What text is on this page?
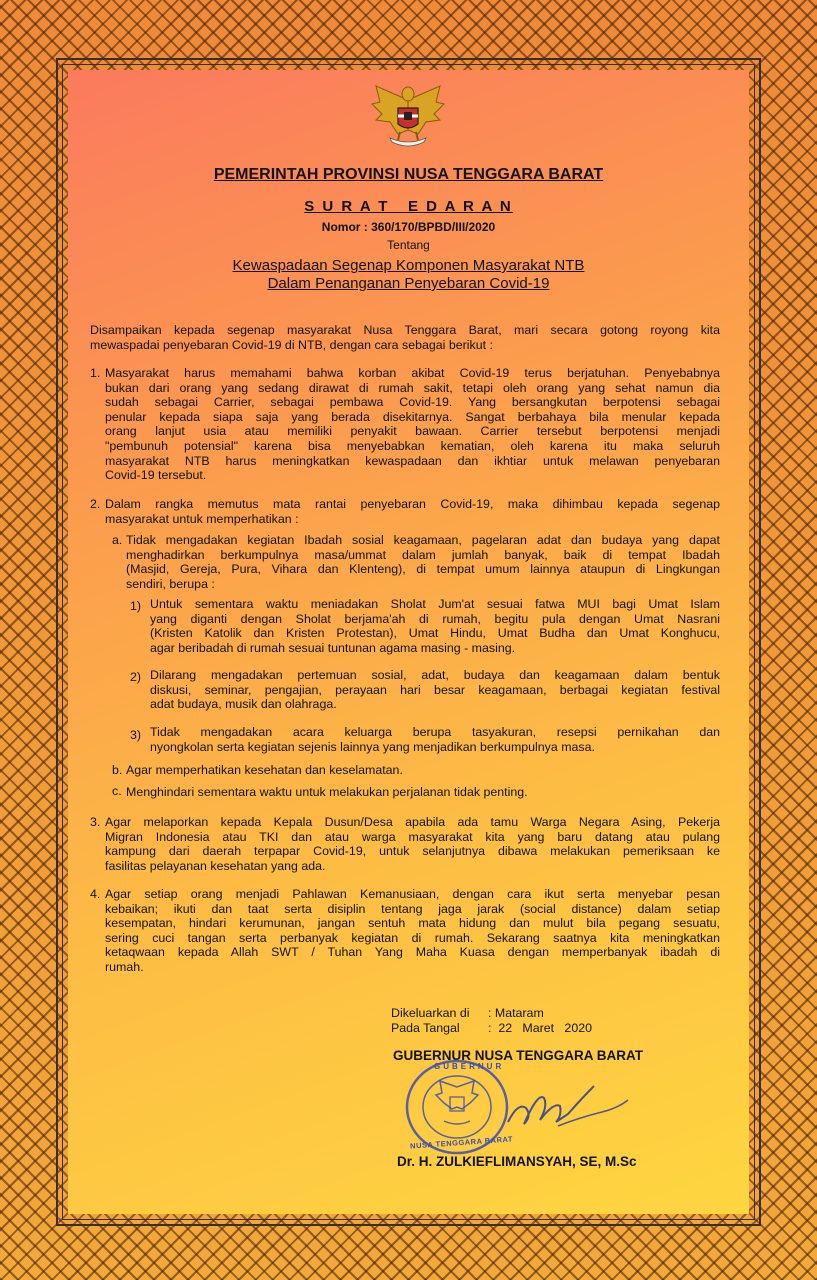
PEMERINTAH PROVINSI NUSA TENGGARA BARAT
S U R A T   E D A R A N
Nomor : 360/170/BPBD/III/2020
Tentang
Kewaspadaan Segenap Komponen Masyarakat NTB
Dalam Penanganan Penyebaran Covid-19
Disampaikan kepada segenap masyarakat Nusa Tenggara Barat, mari secara gotong royong kita
mewaspadai penyebaran Covid-19 di NTB, dengan cara sebagai berikut :
1. Masyarakat harus memahami bahwa korban akibat Covid-19 terus berjatuhan. Penyebabnya
bukan dari orang yang sedang dirawat di rumah sakit, tetapi oleh orang yang sehat namun dia
sudah sebagai Carrier, sebagai pembawa Covid-19. Yang bersangkutan berpotensi sebagai
penular kepada siapa saja yang berada disekitarnya. Sangat berbahaya bila menular kepada
orang lanjut usia atau memiliki penyakit bawaan. Carrier tersebut berpotensi menjadi
"pembunuh potensial" karena bisa menyebabkan kematian, oleh karena itu maka seluruh
masyarakat NTB harus meningkatkan kewaspadaan dan ikhtiar untuk melawan penyebaran
Covid-19 tersebut.
2. Dalam rangka memutus mata rantai penyebaran Covid-19, maka dihimbau kepada segenap
masyarakat untuk memperhatikan :
a. Tidak mengadakan kegiatan Ibadah sosial keagamaan, pagelaran adat dan budaya yang dapat
menghadirkan berkumpulnya masa/ummat dalam jumlah banyak, baik di tempat Ibadah
(Masjid, Gereja, Pura, Vihara dan Klenteng), di tempat umum lainnya ataupun di Lingkungan
sendiri, berupa :
1) Untuk sementara waktu meniadakan Sholat Jum'at sesuai fatwa MUI bagi Umat Islam
yang diganti dengan Sholat berjama'ah di rumah, begitu pula dengan Umat Nasrani
(Kristen Katolik dan Kristen Protestan), Umat Hindu, Umat Budha dan Umat Konghucu,
agar beribadah di rumah sesuai tuntunan agama masing - masing.
2) Dilarang mengadakan pertemuan sosial, adat, budaya dan keagamaan dalam bentuk
diskusi, seminar, pengajian, perayaan hari besar keagamaan, berbagai kegiatan festival
adat budaya, musik dan olahraga.
3) Tidak mengadakan acara keluarga berupa tasyakuran, resepsi pernikahan dan
nyongkolan serta kegiatan sejenis lainnya yang menjadikan berkumpulnya masa.
b. Agar memperhatikan kesehatan dan keselamatan.
c. Menghindari sementara waktu untuk melakukan perjalanan tidak penting.
3. Agar melaporkan kepada Kepala Dusun/Desa apabila ada tamu Warga Negara Asing, Pekerja
Migran Indonesia atau TKI dan atau warga masyarakat kita yang baru datang atau pulang
kampung dari daerah terpapar Covid-19, untuk selanjutnya dibawa melakukan pemeriksaan ke
fasilitas pelayanan kesehatan yang ada.
4. Agar setiap orang menjadi Pahlawan Kemanusiaan, dengan cara ikut serta menyebar pesan
kebaikan; ikuti dan taat serta disiplin tentang jaga jarak (social distance) dalam setiap
kesempatan, hindari kerumunan, jangan sentuh mata hidung dan mulut bila pegang sesuatu,
sering cuci tangan serta perbanyak kegiatan di rumah. Sekarang saatnya kita meningkatkan
ketaqwaan kepada Allah SWT / Tuhan Yang Maha Kuasa dengan memperbanyak ibadah di
rumah.
Dikeluarkan di : Mataram
Pada Tangal :  22   Maret   2020
GUBERNUR NUSA TENGGARA BARAT
GUBERNUR
NUSA TENGGARA BARAT
Dr. H. ZULKIEFLIMANSYAH, SE, M.Sc
